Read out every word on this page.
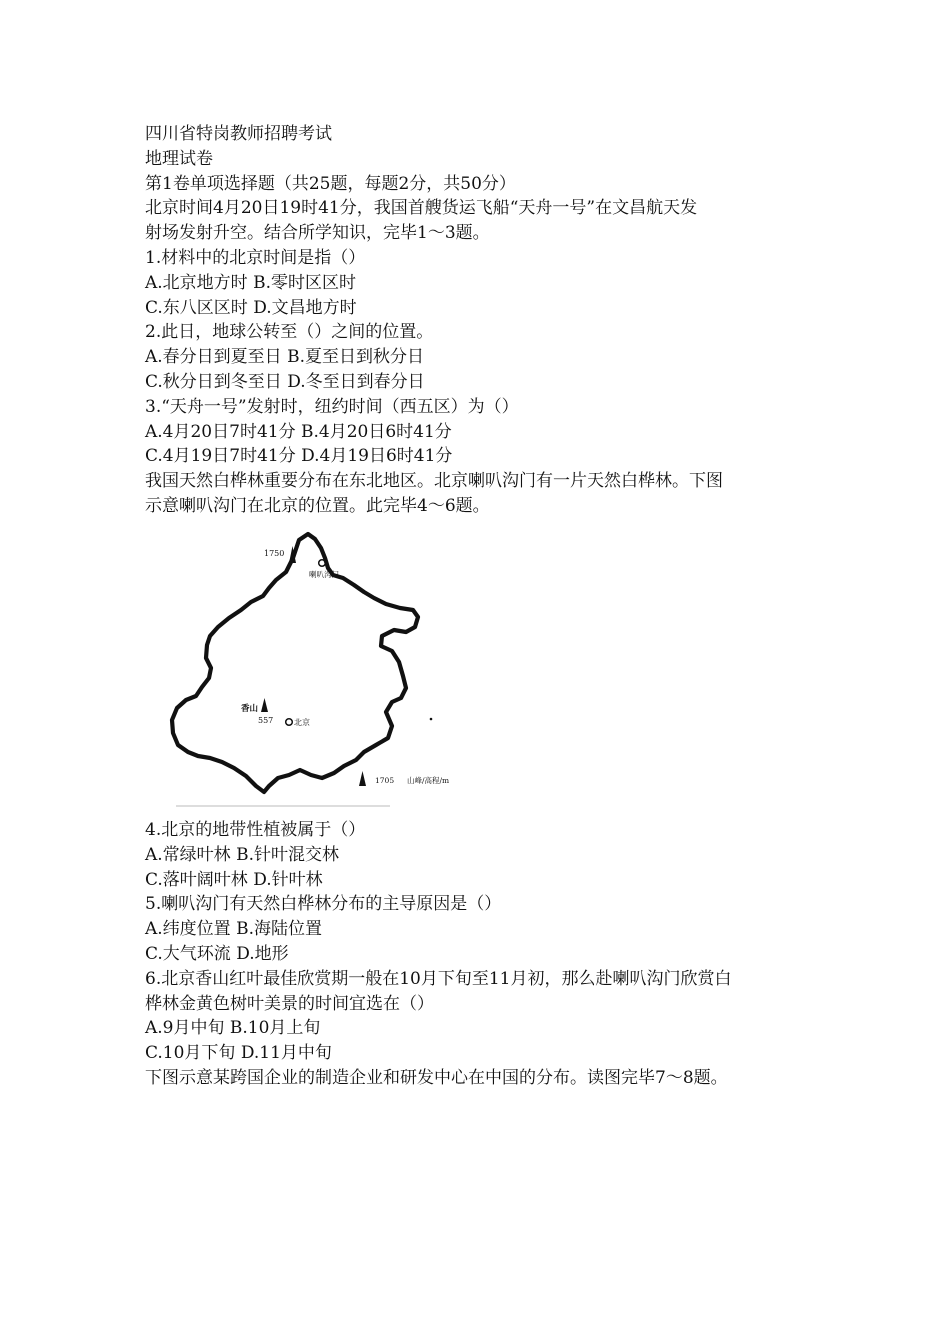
四川省特岗教师招聘考试
地理试卷
第1卷单项选择题（共25题，每题2分，共50分）
北京时间4月20日19时41分，我国首艘货运飞船“天舟一号”在文昌航天发
射场发射升空。结合所学知识，完毕1～3题。
1.材料中的北京时间是指（）
A.北京地方时 B.零时区区时
C.东八区区时 D.文昌地方时
2.此日，地球公转至（）之间的位置。
A.春分日到夏至日 B.夏至日到秋分日
C.秋分日到冬至日 D.冬至日到春分日
3.“天舟一号”发射时，纽约时间（西五区）为（）
A.4月20日7时41分 B.4月20日6时41分
C.4月19日7时41分 D.4月19日6时41分
我国天然白桦林重要分布在东北地区。北京喇叭沟门有一片天然白桦林。下图
示意喇叭沟门在北京的位置。此完毕4～6题。
1750
喇叭沟门
香山
557	北京
1705 山峰/高程/m
4.北京的地带性植被属于（）
A.常绿叶林 B.针叶混交林
C.落叶阔叶林 D.针叶林
5.喇叭沟门有天然白桦林分布的主导原因是（）
A.纬度位置 B.海陆位置
C.大气环流 D.地形
6.北京香山红叶最佳欣赏期一般在10月下旬至11月初，那么赴喇叭沟门欣赏白
桦林金黄色树叶美景的时间宜选在（）
A.9月中旬 B.10月上旬
C.10月下旬 D.11月中旬
下图示意某跨国企业的制造企业和研发中心在中国的分布。读图完毕7～8题。
